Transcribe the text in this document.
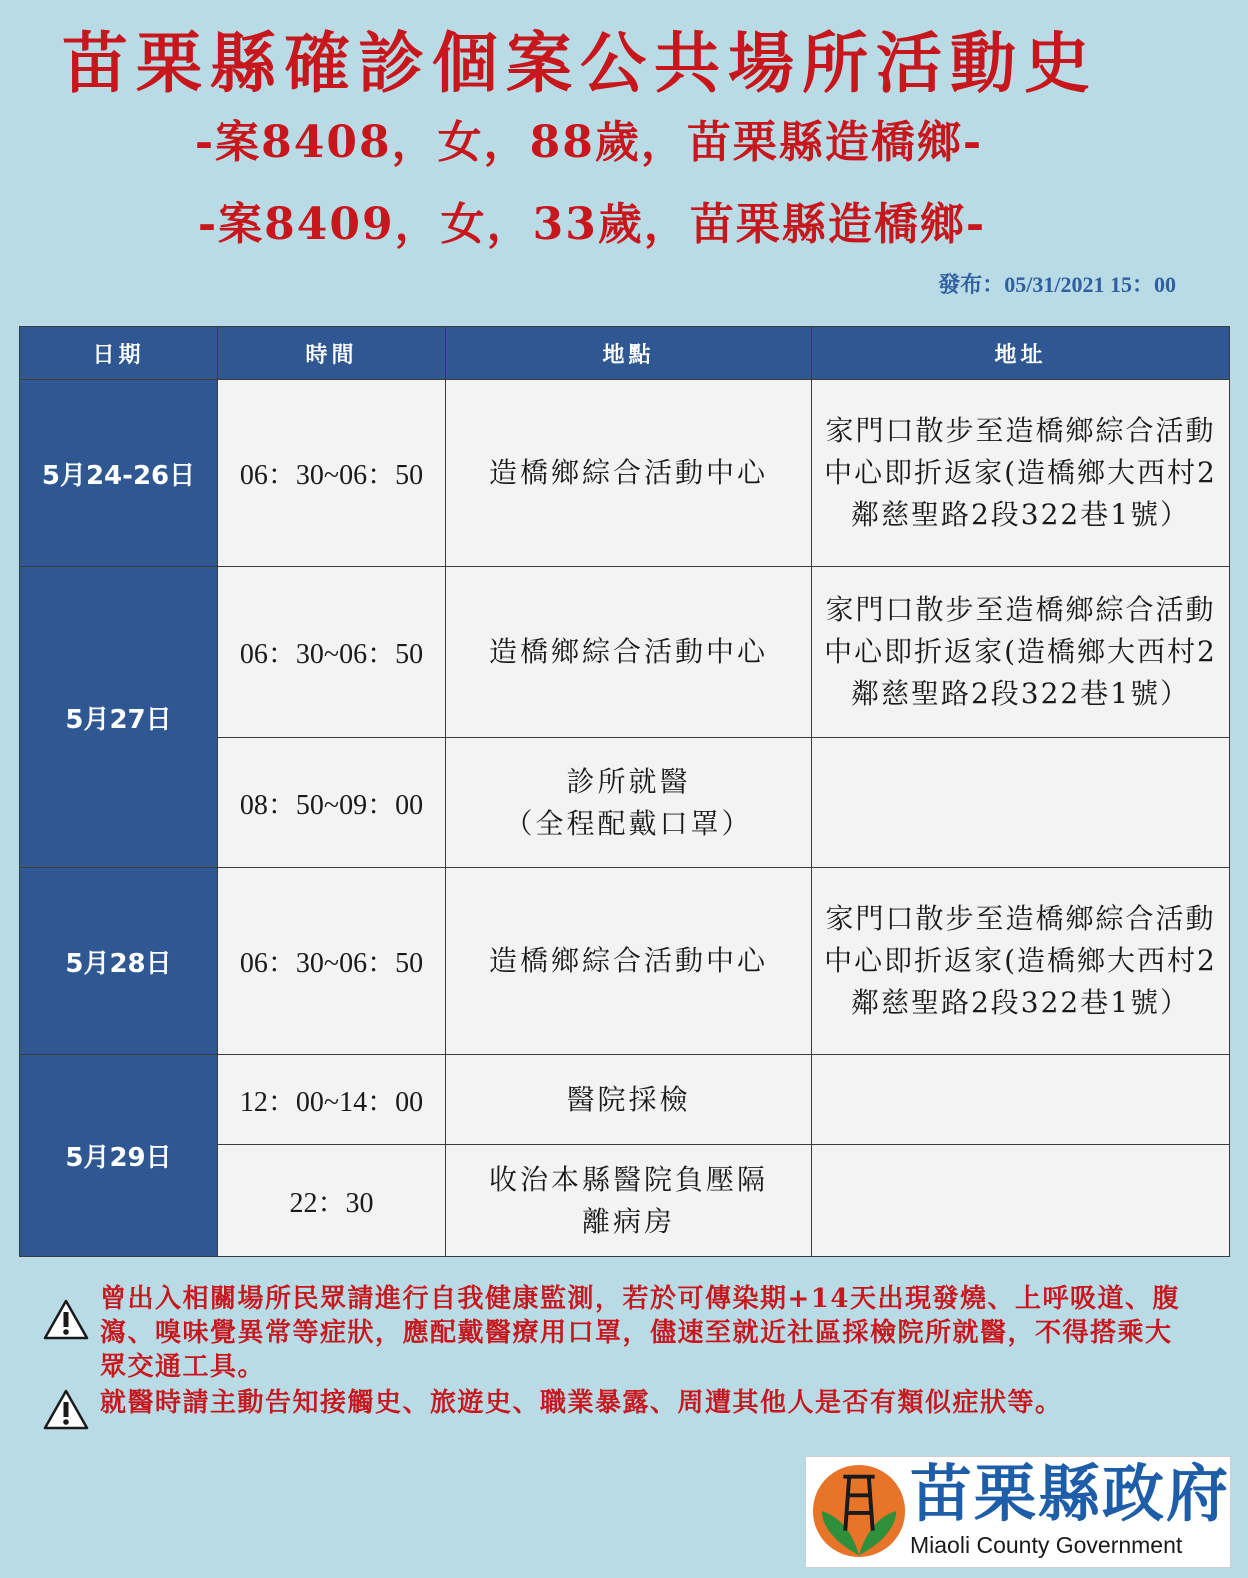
苗栗縣確診個案公共場所活動史
-案8408，女，88歲，苗栗縣造橋鄉-
-案8409，女，33歲，苗栗縣造橋鄉-
發布：05/31/2021 15：00
日期	時間	地點	地址
5月24-26日	06：30~06：50	造橋鄉綜合活動中心	家門口散步至造橋鄉綜合活動中心即折返家(造橋鄉大西村2鄰慈聖路2段322巷1號）
5月27日	06：30~06：50	造橋鄉綜合活動中心	家門口散步至造橋鄉綜合活動中心即折返家(造橋鄉大西村2鄰慈聖路2段322巷1號）
	08：50~09：00	診所就醫
（全程配戴口罩）	

5月28日	06：30~06：50	造橋鄉綜合活動中心	家門口散步至造橋鄉綜合活動中心即折返家(造橋鄉大西村2鄰慈聖路2段322巷1號）
5月29日	12：00~14：00	醫院採檢	
	22：30	收治本縣醫院負壓隔
離病房	

曾出入相關場所民眾請進行自我健康監測，若於可傳染期+14天出現發燒、上呼吸道、腹瀉、嗅味覺異常等症狀，應配戴醫療用口罩，儘速至就近社區採檢院所就醫，不得搭乘大眾交通工具。
就醫時請主動告知接觸史、旅遊史、職業暴露、周遭其他人是否有類似症狀等。
苗栗縣政府
Miaoli County Government
